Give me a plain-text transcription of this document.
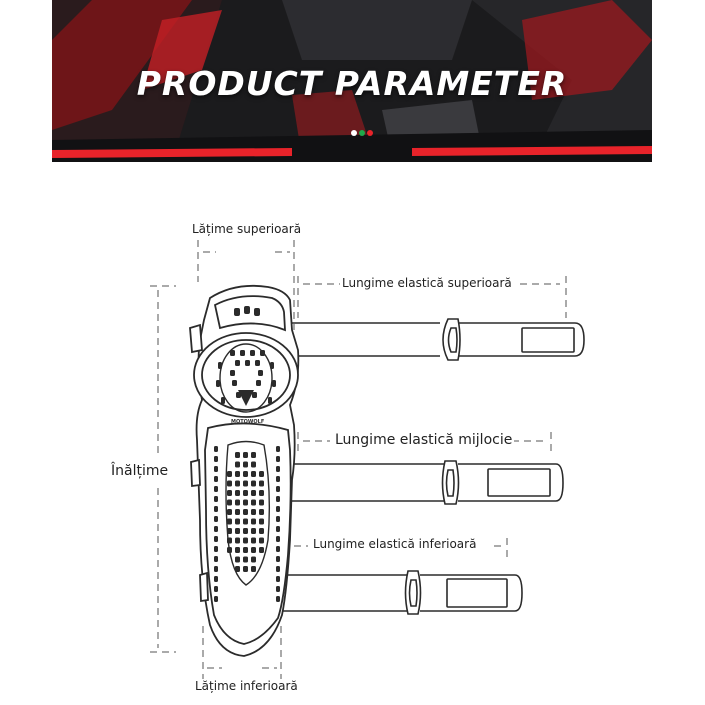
PRODUCT PARAMETER
MOTOWOLF
Lățime superioară
Lungime elastică superioară
Lungime elastică mijlocie
Înălțime
Lungime elastică inferioară
Lățime inferioară
